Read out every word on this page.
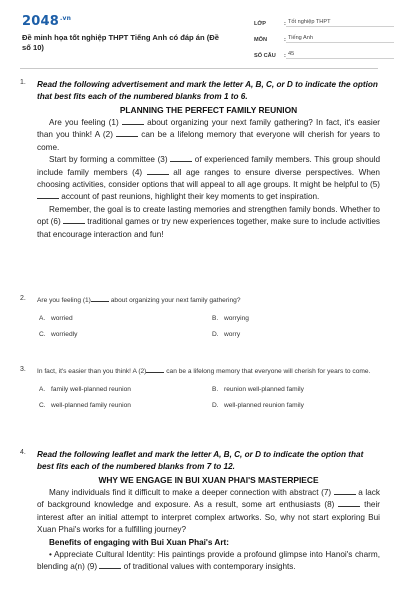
$2048^{.vn}$
Đề minh họa tốt nghiệp THPT Tiếng Anh có đáp án (Đề số 10)
LỚP	: Tốt nghiệp THPT
MÔN	: Tiếng Anh
SỐ CÂU	: 45
1. Read the following advertisement and mark the letter A, B, C, or D to indicate the option that best fits each of the numbered blanks from 1 to 6.
PLANNING THE PERFECT FAMILY REUNION
Are you feeling (1)	about organizing your next family gathering? In fact, it's easier than you think! A (2)	can be a lifelong memory that everyone will cherish for years to come.
Start by forming a committee (3)	of experienced family members. This group should include family members (4)	all age ranges to ensure diverse perspectives. When choosing activities, consider options that will appeal to all age groups. It might be helpful to (5) account of past reunions, highlight their key moments to get inspiration.
Remember, the goal is to create lasting memories and strengthen family bonds. Whether to opt (6)	traditional games or try new experiences together, make sure to include activities that encourage interaction and fun!
2. Are you feeling (1)	about organizing your next family gathering?
A. worried	B. worrying
C. worriedly	D. worry
3. In fact, it's easier than you think! A (2)	can be a lifelong memory that everyone will cherish for years to come.
A. family well-planned reunion	B. reunion well-planned family
C. well-planned family reunion	D. well-planned reunion family
4. Read the following leaflet and mark the letter A, B, C, or D to indicate the option that best fits each of the numbered blanks from 7 to 12.
WHY WE ENGAGE IN BUI XUAN PHAI'S MASTERPIECE
Many individuals find it difficult to make a deeper connection with abstract (7)	a lack of background knowledge and exposure. As a result, some art enthusiasts (8)	their interest after an initial attempt to interpret complex artworks. So, why not start exploring Bui Xuan Phai's works for a fulfilling journey?
Benefits of engaging with Bui Xuan Phai's Art:
• Appreciate Cultural Identity: His paintings provide a profound glimpse into Hanoi's charm, blending a(n) (9)	of traditional values with contemporary insights.
